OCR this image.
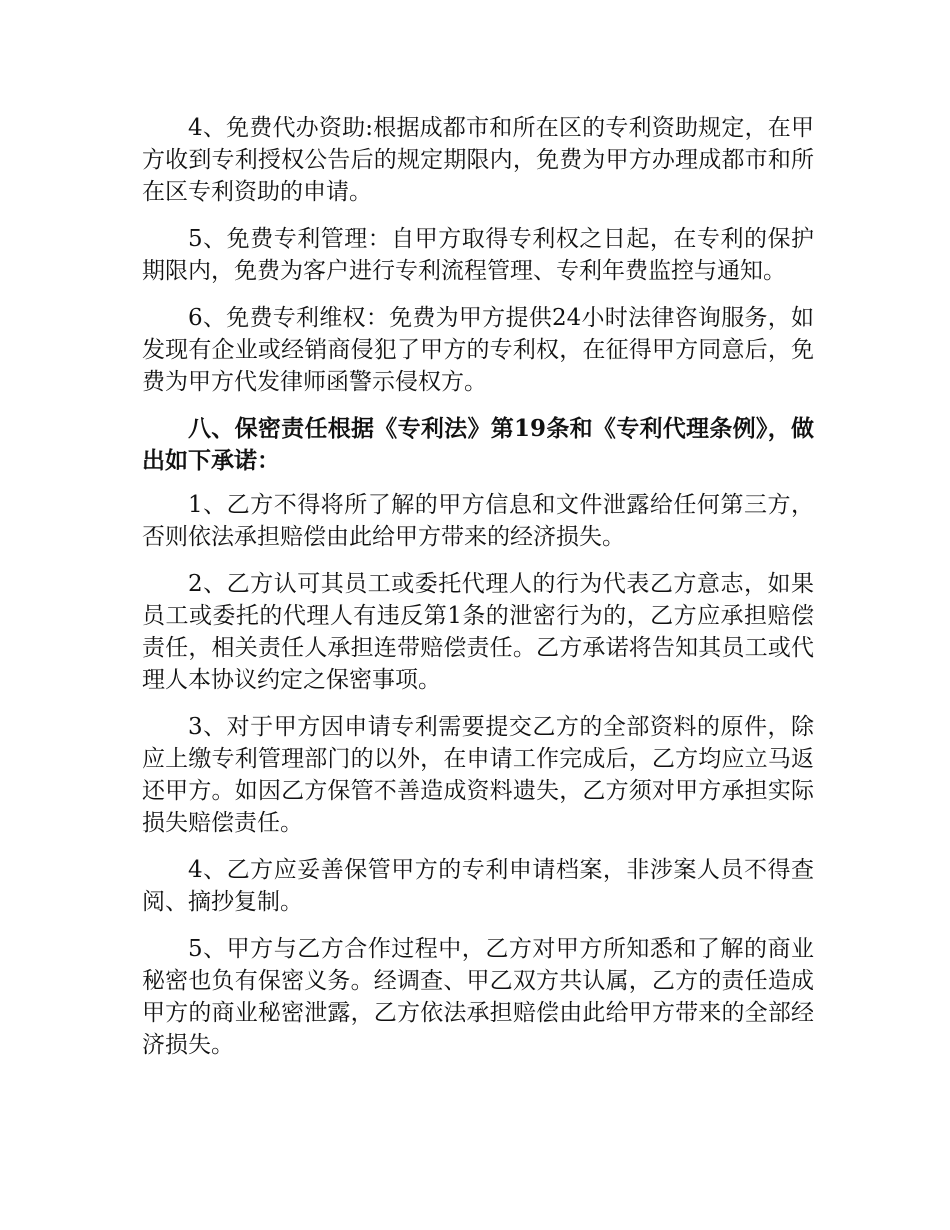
4、免费代办资助:根据成都市和所在区的专利资助规定，在甲方收到专利授权公告后的规定期限内，免费为甲方办理成都市和所在区专利资助的申请。

5、免费专利管理：自甲方取得专利权之日起，在专利的保护期限内，免费为客户进行专利流程管理、专利年费监控与通知。

6、免费专利维权：免费为甲方提供24小时法律咨询服务，如发现有企业或经销商侵犯了甲方的专利权，在征得甲方同意后，免费为甲方代发律师函警示侵权方。

八、保密责任根据《专利法》第19条和《专利代理条例》，做出如下承诺：

1、乙方不得将所了解的甲方信息和文件泄露给任何第三方，否则依法承担赔偿由此给甲方带来的经济损失。

2、乙方认可其员工或委托代理人的行为代表乙方意志，如果员工或委托的代理人有违反第1条的泄密行为的，乙方应承担赔偿责任，相关责任人承担连带赔偿责任。乙方承诺将告知其员工或代理人本协议约定之保密事项。

3、对于甲方因申请专利需要提交乙方的全部资料的原件，除应上缴专利管理部门的以外，在申请工作完成后，乙方均应立马返还甲方。如因乙方保管不善造成资料遗失，乙方须对甲方承担实际损失赔偿责任。

4、乙方应妥善保管甲方的专利申请档案，非涉案人员不得查阅、摘抄复制。

5、甲方与乙方合作过程中，乙方对甲方所知悉和了解的商业秘密也负有保密义务。经调查、甲乙双方共认属，乙方的责任造成甲方的商业秘密泄露，乙方依法承担赔偿由此给甲方带来的全部经济损失。
